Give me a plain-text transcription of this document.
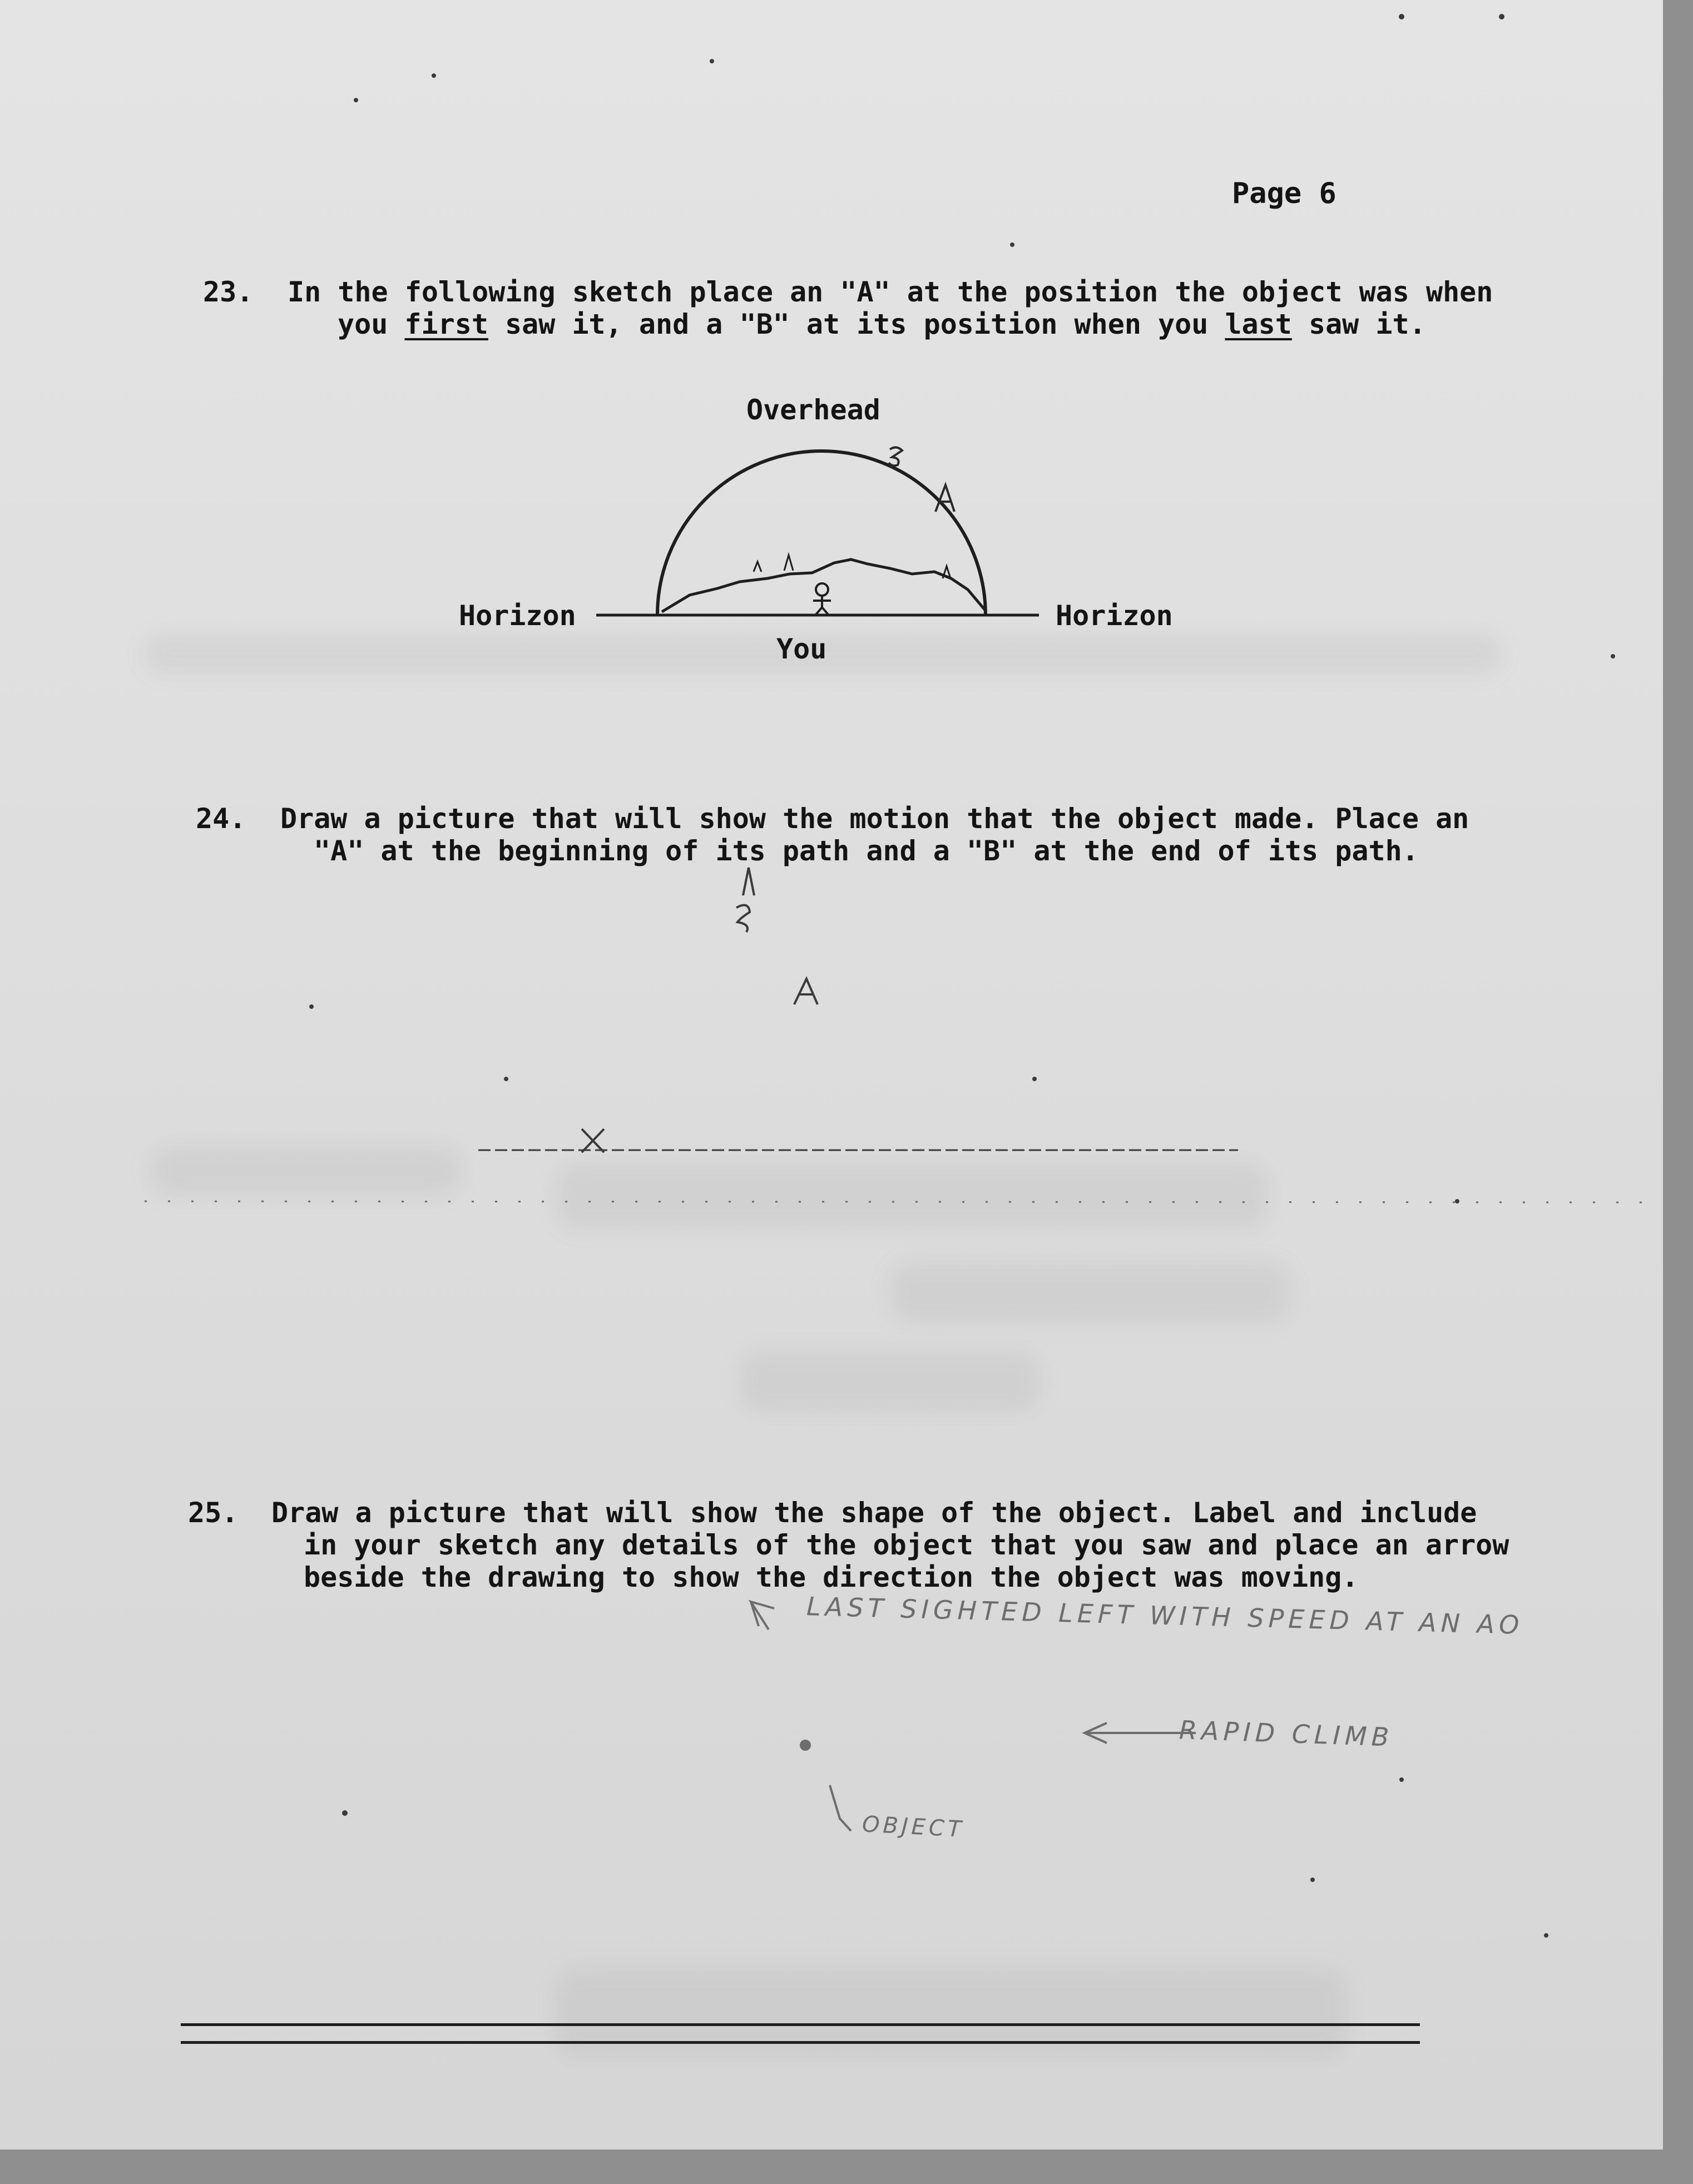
Page 6
23. In the following sketch place an "A" at the position the object was when
you first saw it, and a "B" at its position when you last saw it.
Overhead
Horizon	Horizon
You
24. Draw a picture that will show the motion that the object made. Place an
"A" at the beginning of its path and a "B" at the end of its path.
25. Draw a picture that will show the shape of the object. Label and include
in your sketch any details of the object that you saw and place an arrow
beside the drawing to show the direction the object was moving.
LAST SIGHTED LEFT WITH SPEED AT AN AO
RAPID CLIMB
OBJECT
